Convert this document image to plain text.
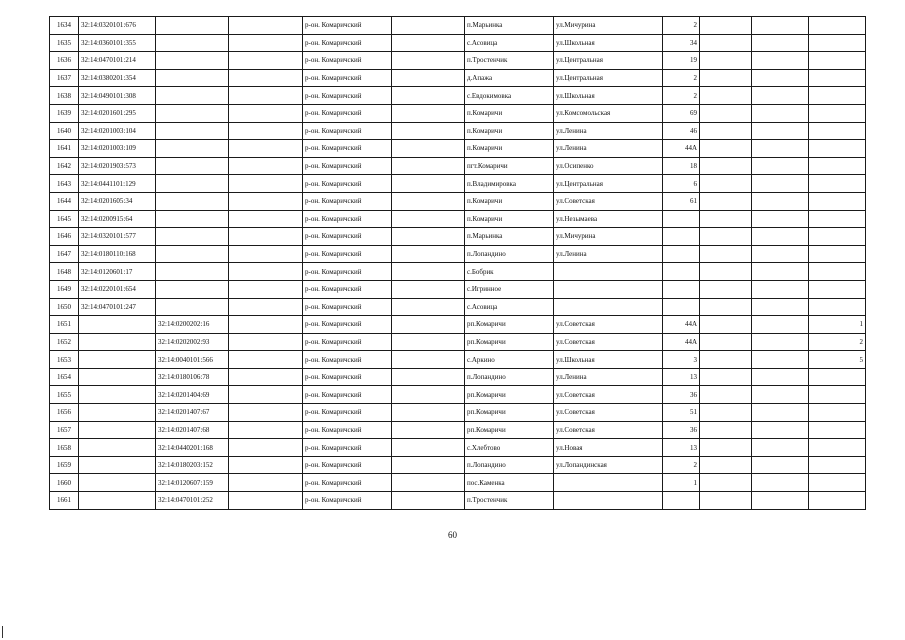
1634	32:14:0320101:676			р-он. Комаричский		п.Марьинка	ул.Мичурина	2			
1635	32:14:0360101:355			р-он. Комаричский		с.Асовица	ул.Школьная	34			
1636	32:14:0470101:214			р-он. Комаричский		п.Тростенчик	ул.Центральная	19			
1637	32:14:0380201:354			р-он. Комаричский		д.Апажа	ул.Центральная	2			
1638	32:14:0490101:308			р-он. Комаричский		с.Евдокимовка	ул.Школьная	2			
1639	32:14:0201601:295			р-он. Комаричский		п.Комаричи	ул.Комсомольская	69			
1640	32:14:0201003:104			р-он. Комаричский		п.Комаричи	ул.Ленина	46			
1641	32:14:0201003:109			р-он. Комаричский		п.Комаричи	ул.Ленина	44А			
1642	32:14:0201903:573			р-он. Комаричский		пгт.Комаричи	ул.Осипенко	18			
1643	32:14:0441101:129			р-он. Комаричский		п.Владимировка	ул.Центральная	6			
1644	32:14:0201605:34			р-он. Комаричский		п.Комаричи	ул.Советская	61			
1645	32:14:0200915:64			р-он. Комаричский		п.Комаричи	ул.Незымаева				
1646	32:14:0320101:577			р-он. Комаричский		п.Марьинка	ул.Мичурина				
1647	32:14:0180110:168			р-он. Комаричский		п.Лопандино	ул.Ленина				
1648	32:14:0120601:17			р-он. Комаричский		с.Бобрик					
1649	32:14:0220101:654			р-он. Комаричский		с.Игринное					
1650	32:14:0470101:247			р-он. Комаричский		с.Асовица					
1651		32:14:0200202:16		р-он. Комаричский		рп.Комаричи	ул.Советская	44А			1
1652		32:14:0202002:93		р-он. Комаричский		рп.Комаричи	ул.Советская	44А			2
1653		32:14:0040101:566		р-он. Комаричский		с.Аркино	ул.Школьная	3			5
1654		32:14:0180106:78		р-он. Комаричский		п.Лопандино	ул.Ленина	13			
1655		32:14:0201404:69		р-он. Комаричский		рп.Комаричи	ул.Советская	36			
1656		32:14:0201407:67		р-он. Комаричский		рп.Комаричи	ул.Советская	51			
1657		32:14:0201407:68		р-он. Комаричский		рп.Комаричи	ул.Советская	36			
1658		32:14:0440201:168		р-он. Комаричский		с.Хлебтово	ул.Новая	13			
1659		32:14:0180203:152		р-он. Комаричский		п.Лопандино	ул.Лопандинская	2			
1660		32:14:0120607:159		р-он. Комаричский		пос.Каменка		1			
1661		32:14:0470101:252		р-он. Комаричский		п.Тростенчик					
60
